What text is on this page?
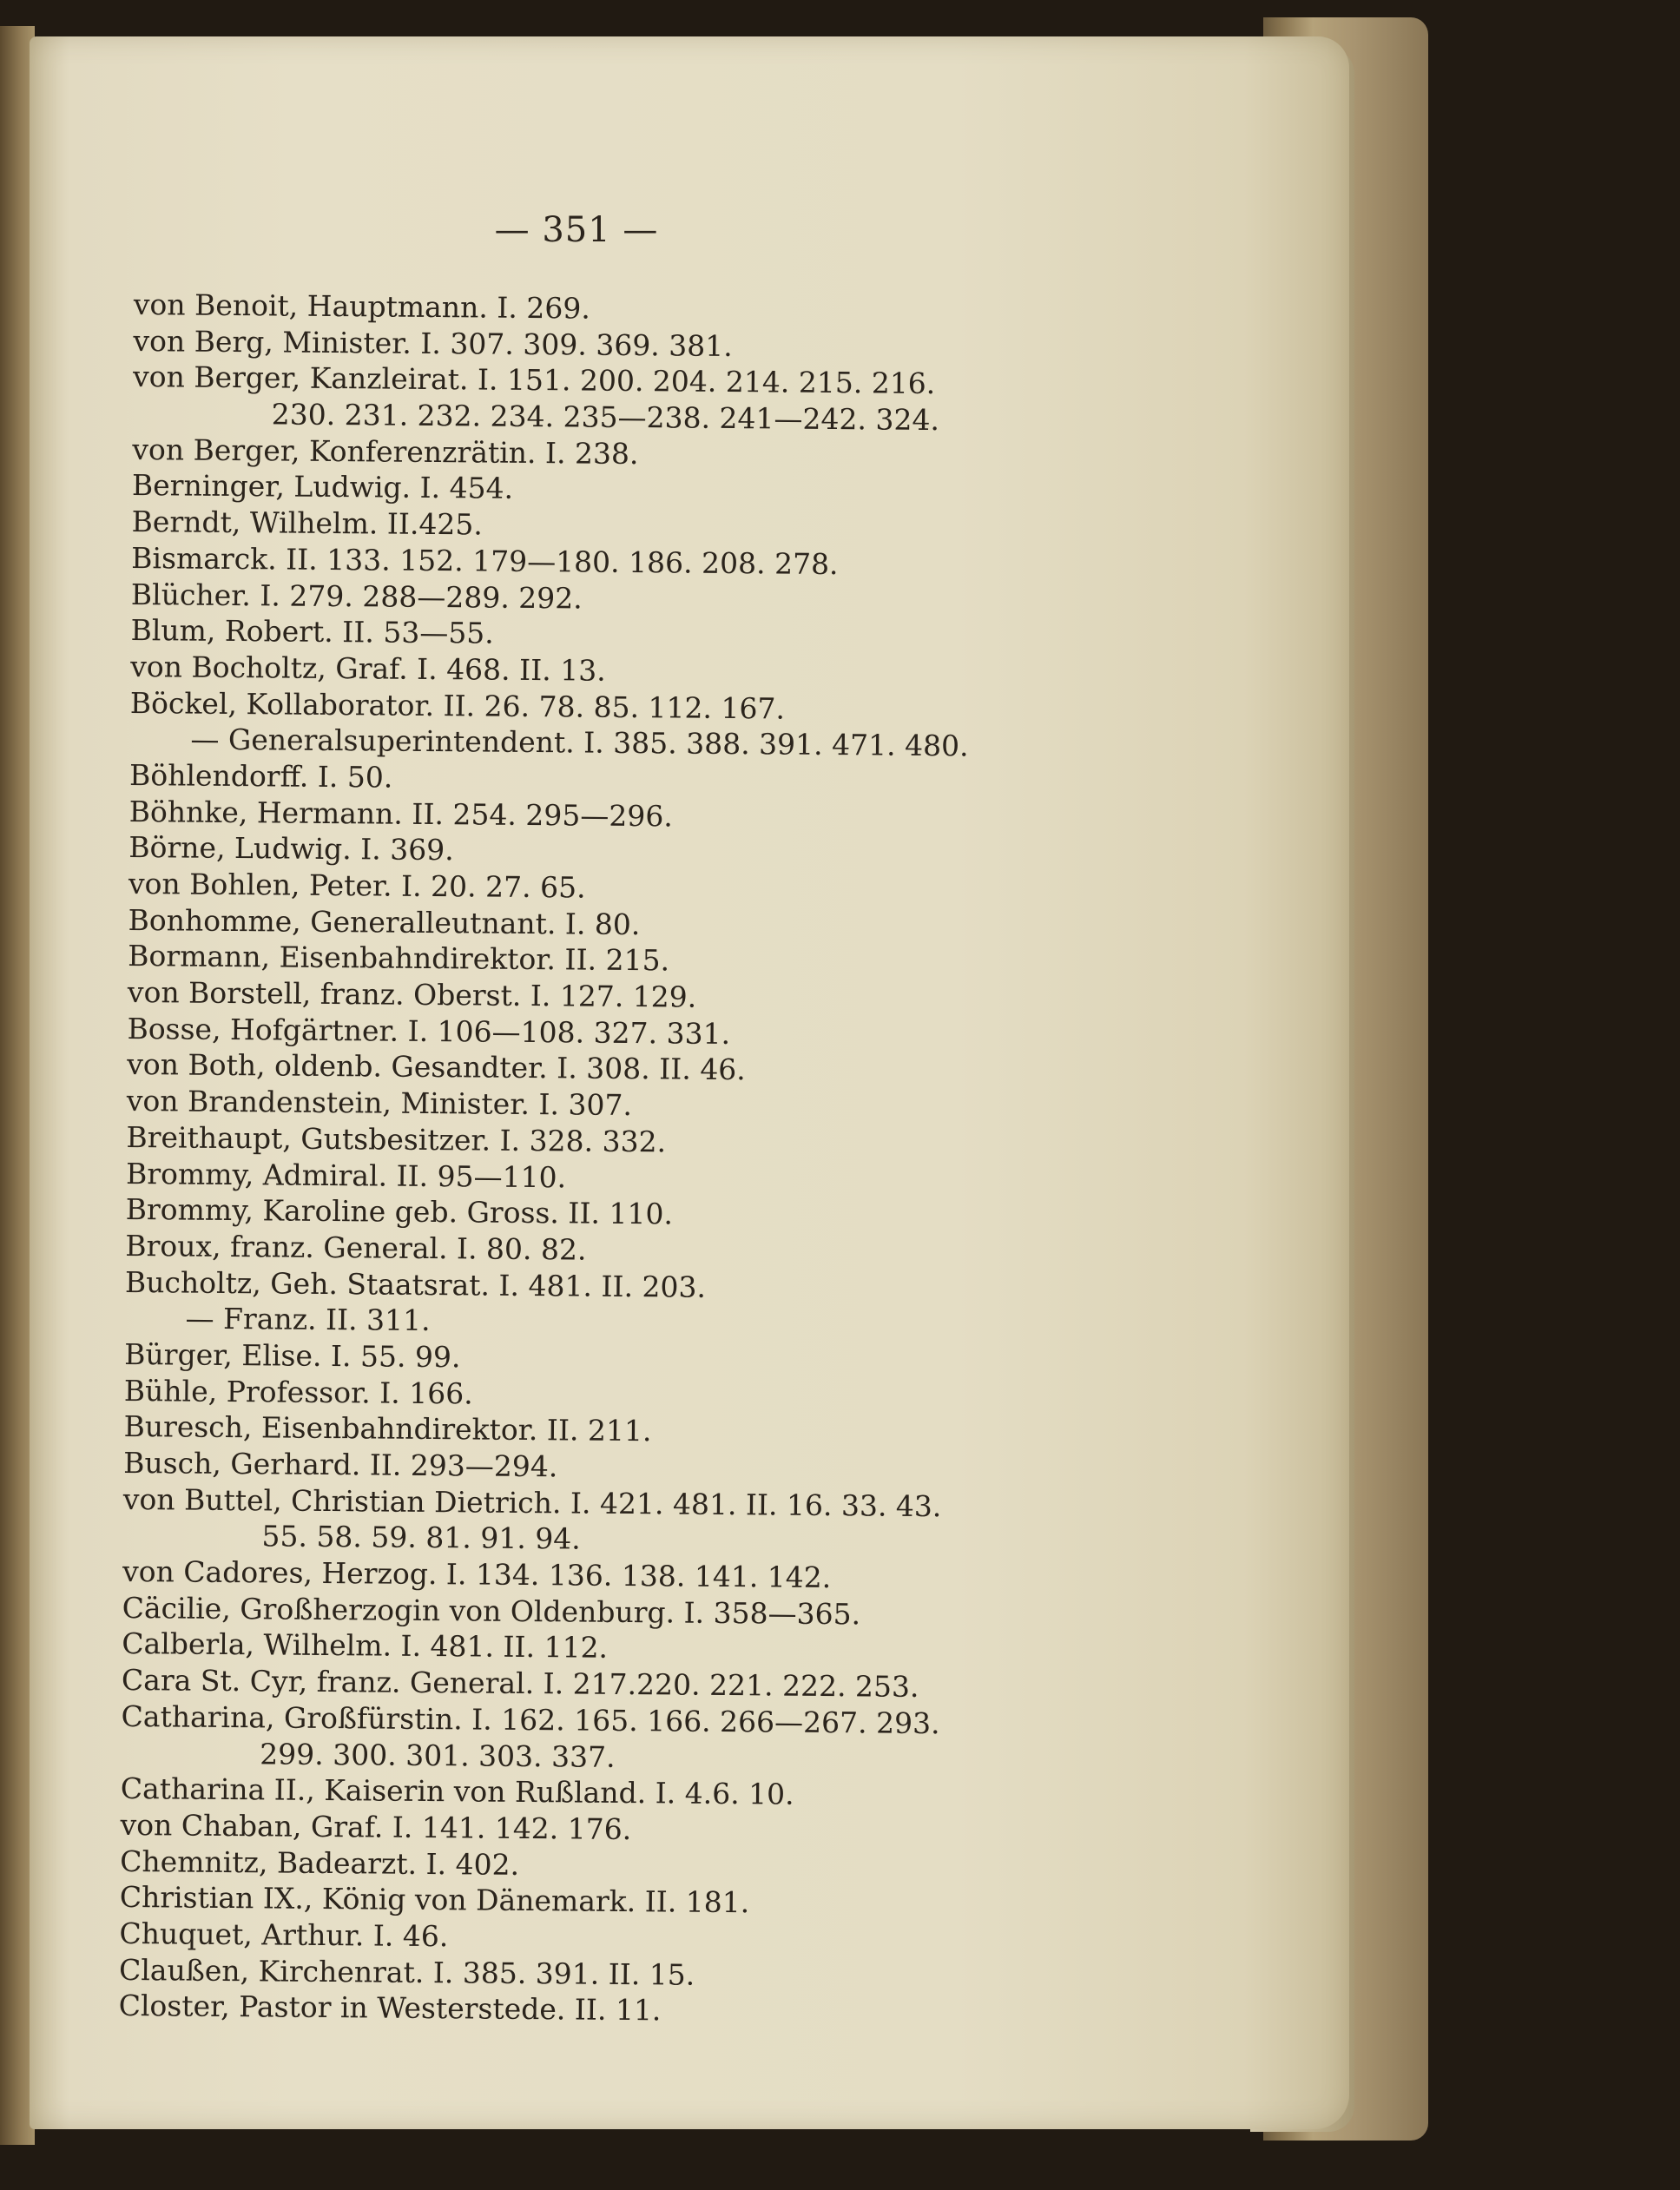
— 351 —
von Benoit, Hauptmann. I. 269.
von Berg, Minister. I. 307. 309. 369. 381.
von Berger, Kanzleirat. I. 151. 200. 204. 214. 215. 216.
230. 231. 232. 234. 235—238. 241—242. 324.
von Berger, Konferenzrätin. I. 238.
Berninger, Ludwig. I. 454.
Berndt, Wilhelm. II.425.
Bismarck. II. 133. 152. 179—180. 186. 208. 278.
Blücher. I. 279. 288—289. 292.
Blum, Robert. II. 53—55.
von Bocholtz, Graf. I. 468. II. 13.
Böckel, Kollaborator. II. 26. 78. 85. 112. 167.
— Generalsuperintendent. I. 385. 388. 391. 471. 480.
Böhlendorff. I. 50.
Böhnke, Hermann. II. 254. 295—296.
Börne, Ludwig. I. 369.
von Bohlen, Peter. I. 20. 27. 65.
Bonhomme, Generalleutnant. I. 80.
Bormann, Eisenbahndirektor. II. 215.
von Borstell, franz. Oberst. I. 127. 129.
Bosse, Hofgärtner. I. 106—108. 327. 331.
von Both, oldenb. Gesandter. I. 308. II. 46.
von Brandenstein, Minister. I. 307.
Breithaupt, Gutsbesitzer. I. 328. 332.
Brommy, Admiral. II. 95—110.
Brommy, Karoline geb. Gross. II. 110.
Broux, franz. General. I. 80. 82.
Bucholtz, Geh. Staatsrat. I. 481. II. 203.
— Franz. II. 311.
Bürger, Elise. I. 55. 99.
Bühle, Professor. I. 166.
Buresch, Eisenbahndirektor. II. 211.
Busch, Gerhard. II. 293—294.
von Buttel, Christian Dietrich. I. 421. 481. II. 16. 33. 43.
55. 58. 59. 81. 91. 94.
von Cadores, Herzog. I. 134. 136. 138. 141. 142.
Cäcilie, Großherzogin von Oldenburg. I. 358—365.
Calberla, Wilhelm. I. 481. II. 112.
Cara St. Cyr, franz. General. I. 217.220. 221. 222. 253.
Catharina, Großfürstin. I. 162. 165. 166. 266—267. 293.
299. 300. 301. 303. 337.
Catharina II., Kaiserin von Rußland. I. 4.6. 10.
von Chaban, Graf. I. 141. 142. 176.
Chemnitz, Badearzt. I. 402.
Christian IX., König von Dänemark. II. 181.
Chuquet, Arthur. I. 46.
Claußen, Kirchenrat. I. 385. 391. II. 15.
Closter, Pastor in Westerstede. II. 11.
